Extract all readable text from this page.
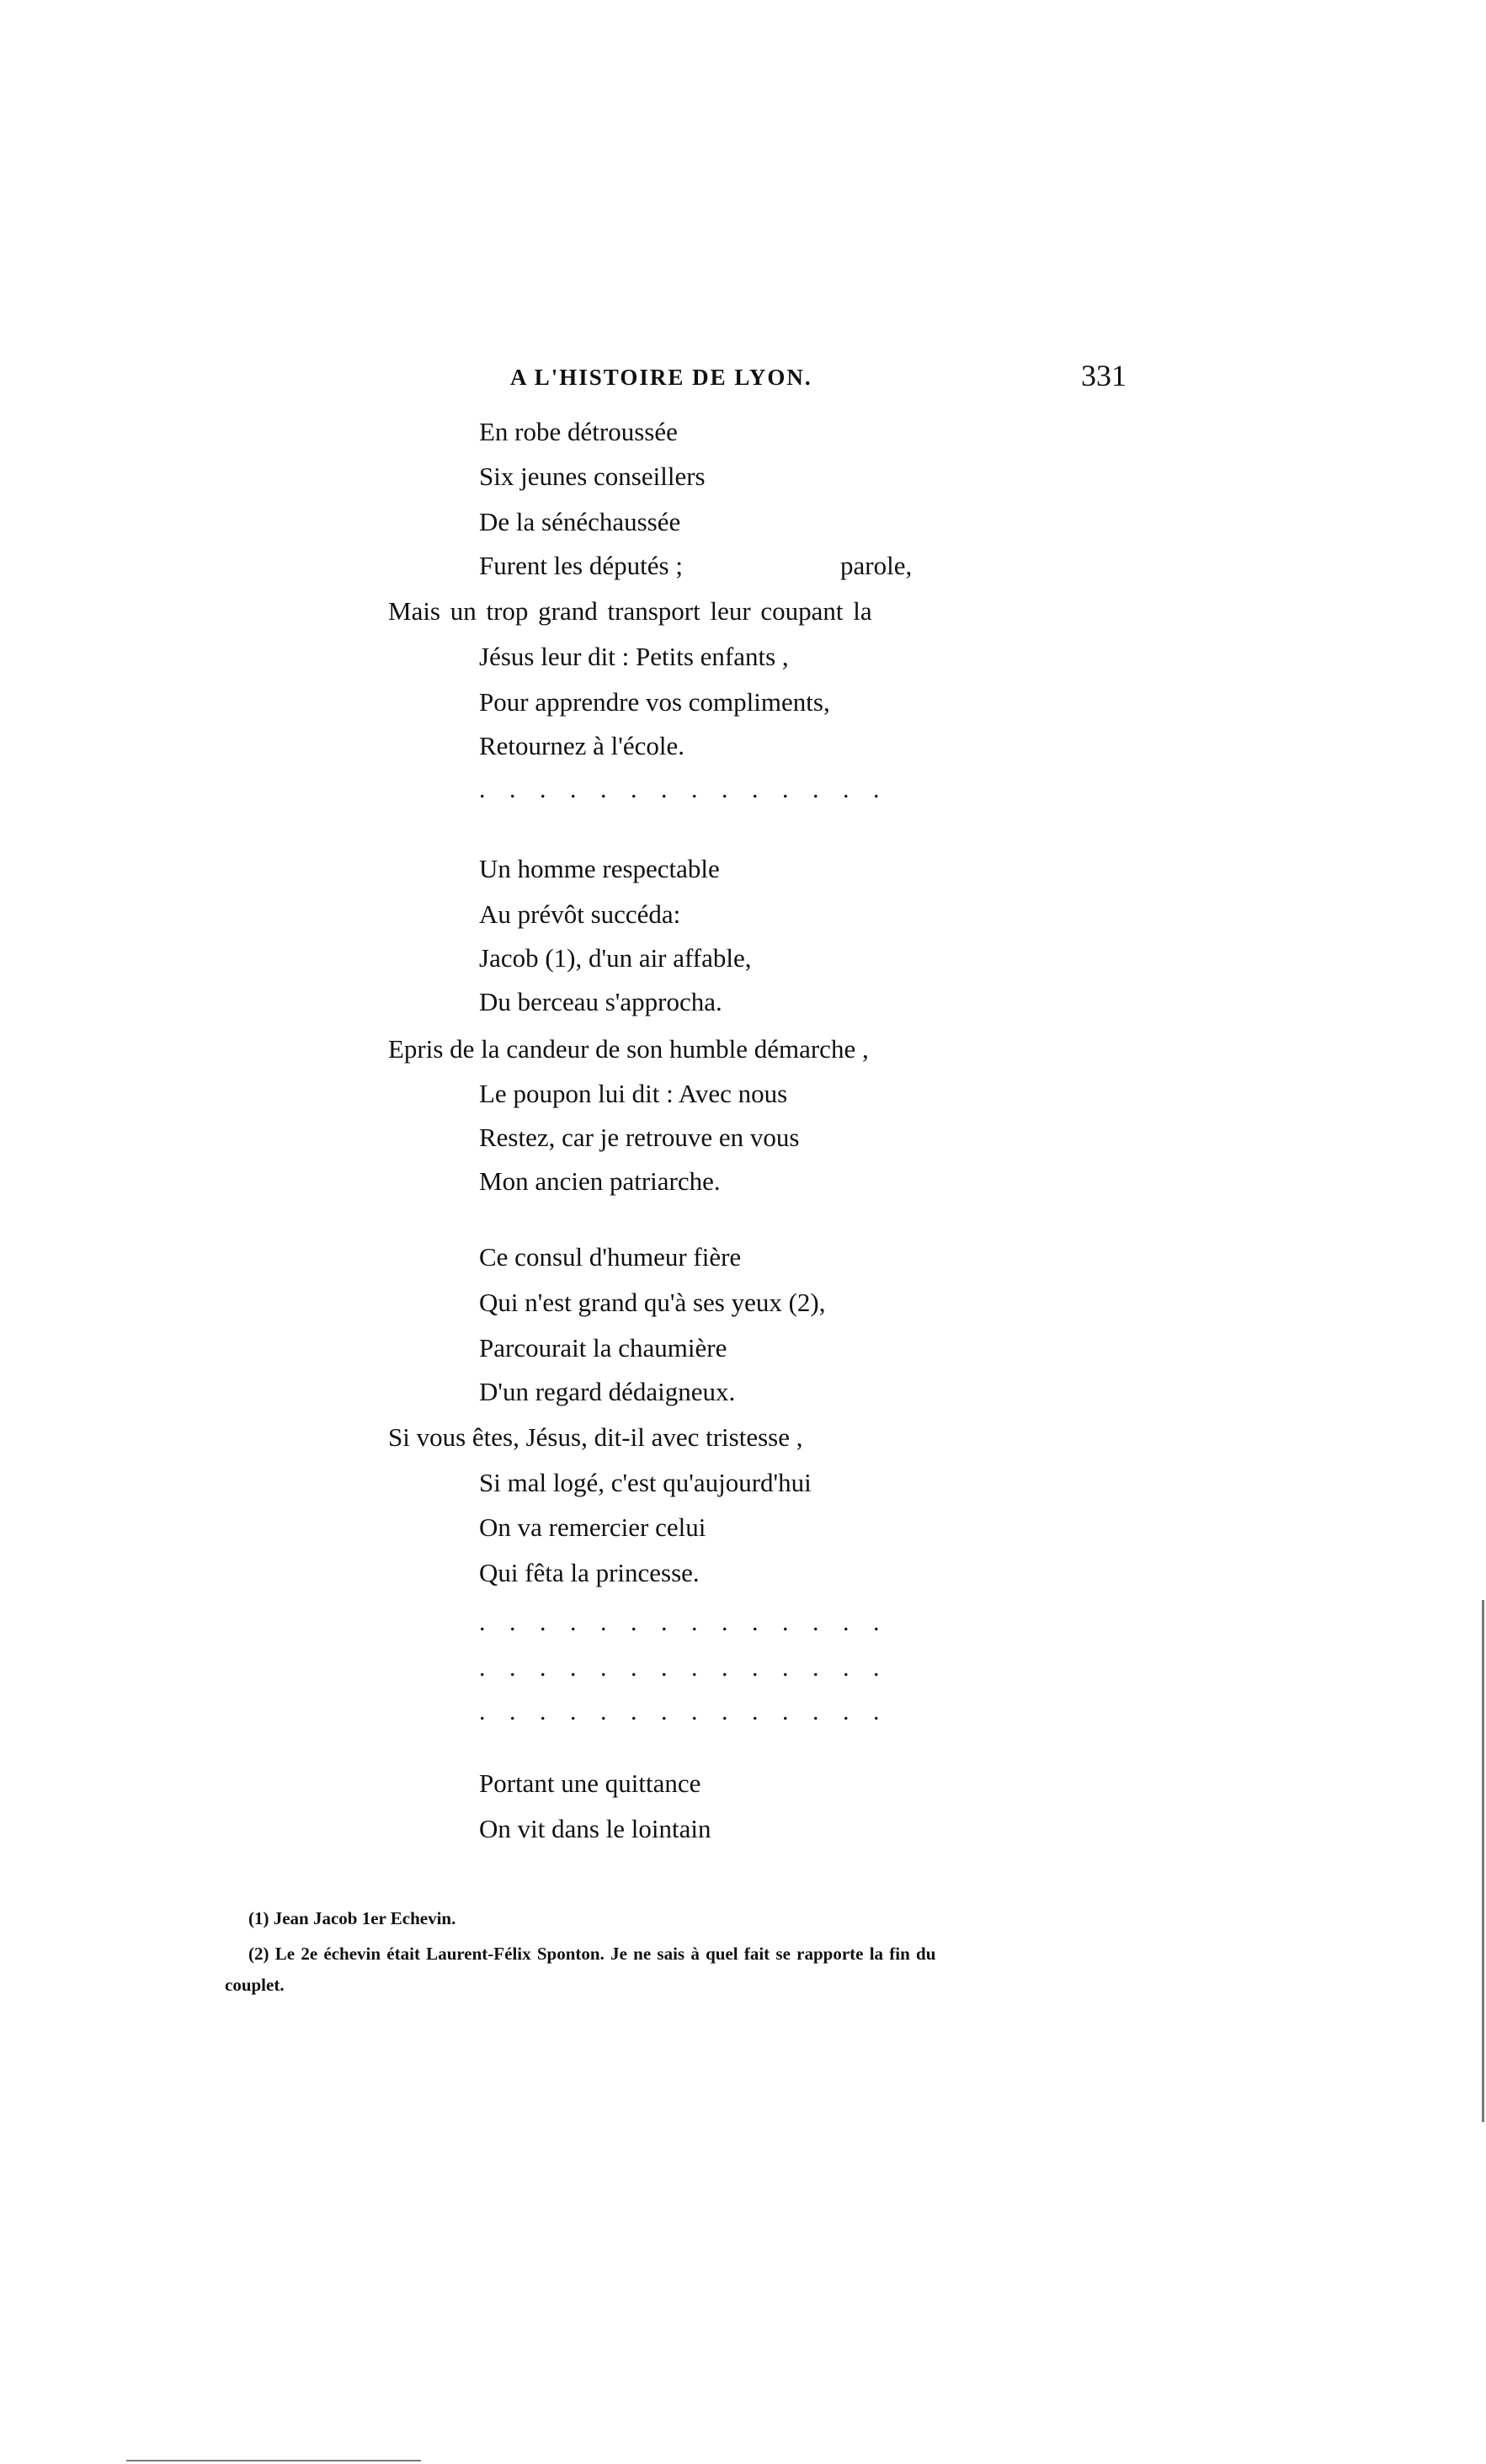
A L'HISTOIRE DE LYON.	331
En robe détroussée
Six jeunes conseillers
De la sénéchaussée
Furent les députés ;	parole,
Mais un trop grand transport leur coupant la
Jésus leur dit : Petits enfants ,
Pour apprendre vos compliments,
Retournez à l'école.
. . . . . . . . . . . . . .
Un homme respectable
Au prévôt succéda:
Jacob (1), d'un air affable,
Du berceau s'approcha.
Epris de la candeur de son humble démarche ,
Le poupon lui dit : Avec nous
Restez, car je retrouve en vous
Mon ancien patriarche.
Ce consul d'humeur fière
Qui n'est grand qu'à ses yeux (2),
Parcourait la chaumière
D'un regard dédaigneux.
Si vous êtes, Jésus, dit-il avec tristesse ,
Si mal logé, c'est qu'aujourd'hui
On va remercier celui
Qui fêta la princesse.
. . . . . . . . . . . . . .
. . . . . . . . . . . . . .
. . . . . . . . . . . . . .
Portant une quittance
On vit dans le lointain
(1) Jean Jacob 1er Echevin.
(2) Le 2e échevin était Laurent-Félix Sponton. Je ne sais à quel fait se rapporte la fin du
couplet.
